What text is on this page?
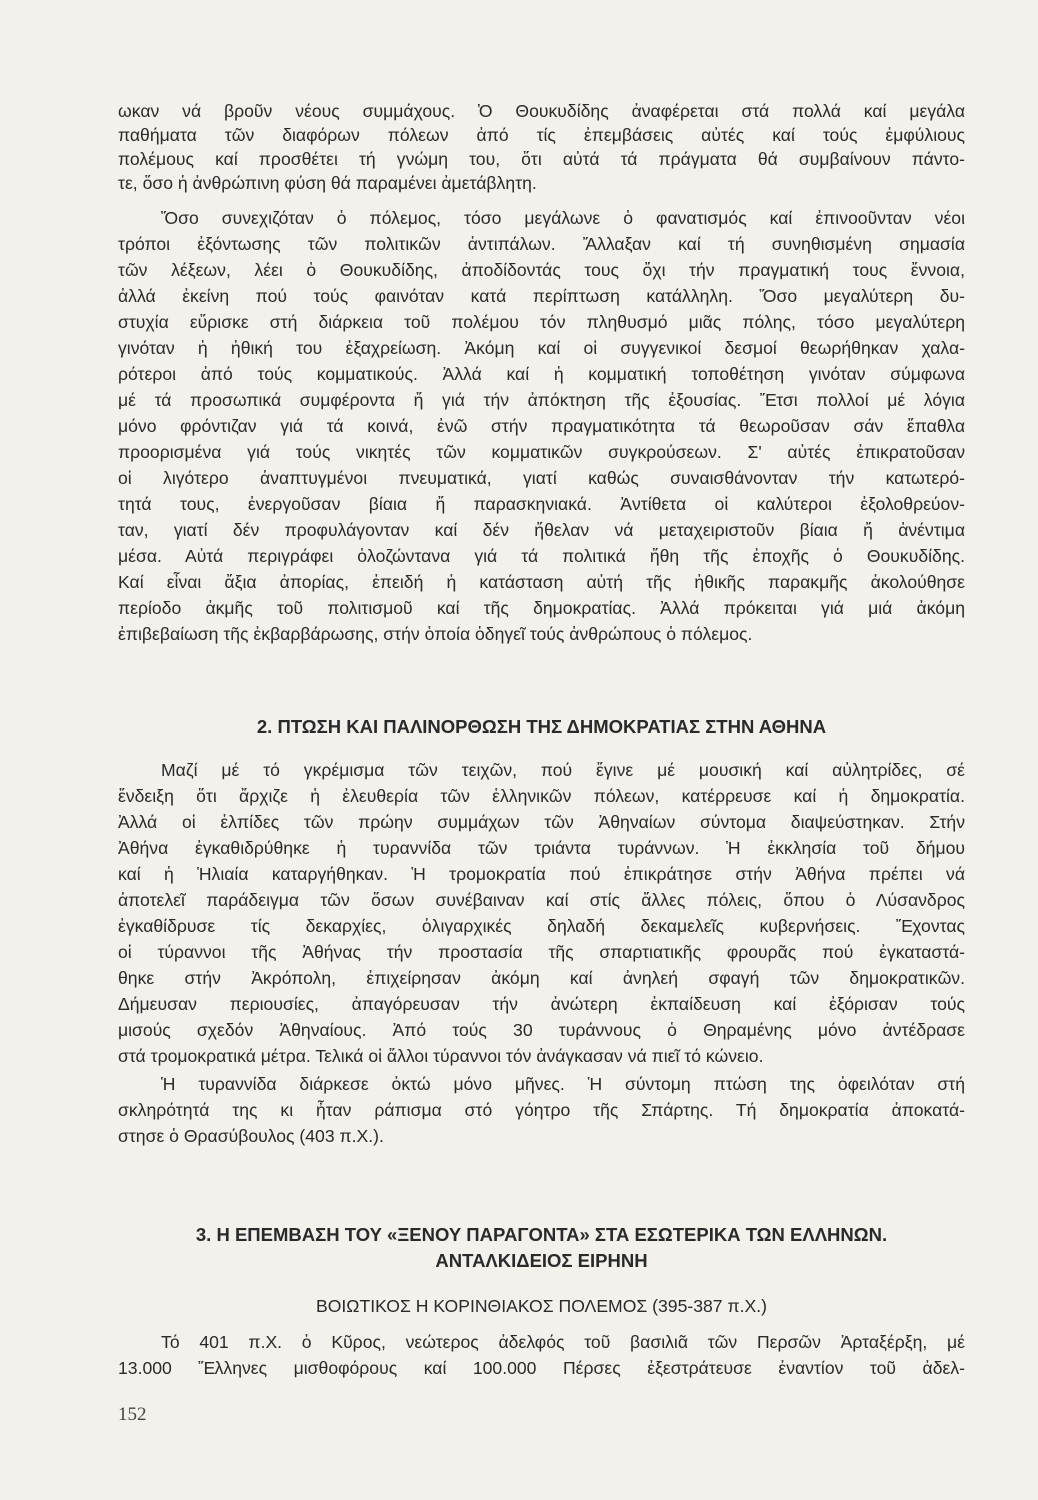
ωκαν νά βροῦν νέους συμμάχους. Ὁ Θουκυδίδης ἀναφέρεται στά πολλά καί μεγάλα
παθήματα τῶν διαφόρων πόλεων ἀπό τίς ἐπεμβάσεις αὐτές καί τούς ἐμφύλιους
πολέμους καί προσθέτει τή γνώμη του, ὅτι αὐτά τά πράγματα θά συμβαίνουν πάντο-
τε, ὅσο ἡ ἀνθρώπινη φύση θά παραμένει ἀμετάβλητη.
Ὅσο συνεχιζόταν ὁ πόλεμος, τόσο μεγάλωνε ὁ φανατισμός καί ἐπινοοῦνταν νέοι
τρόποι ἐξόντωσης τῶν πολιτικῶν ἀντιπάλων. Ἄλλαξαν καί τή συνηθισμένη σημασία
τῶν λέξεων, λέει ὁ Θουκυδίδης, ἀποδίδοντάς τους ὄχι τήν πραγματική τους ἔννοια,
ἀλλά ἐκείνη πού τούς φαινόταν κατά περίπτωση κατάλληλη. Ὅσο μεγαλύτερη δυ-
στυχία εὕρισκε στή διάρκεια τοῦ πολέμου τόν πληθυσμό μιᾶς πόλης, τόσο μεγαλύτερη
γινόταν ἡ ἠθική του ἐξαχρείωση. Ἀκόμη καί οἱ συγγενικοί δεσμοί θεωρήθηκαν χαλα-
ρότεροι ἀπό τούς κομματικούς. Ἀλλά καί ἡ κομματική τοποθέτηση γινόταν σύμφωνα
μέ τά προσωπικά συμφέροντα ἤ γιά τήν ἀπόκτηση τῆς ἐξουσίας. Ἔτσι πολλοί μέ λόγια
μόνο φρόντιζαν γιά τά κοινά, ἐνῶ στήν πραγματικότητα τά θεωροῦσαν σάν ἔπαθλα
προορισμένα γιά τούς νικητές τῶν κομματικῶν συγκρούσεων. Σ' αὐτές ἐπικρατοῦσαν
οἱ λιγότερο ἀναπτυγμένοι πνευματικά, γιατί καθώς συναισθάνονταν τήν κατωτερό-
τητά τους, ἐνεργοῦσαν βίαια ἤ παρασκηνιακά. Ἀντίθετα οἱ καλύτεροι ἐξολοθρεύον-
ταν, γιατί δέν προφυλάγονταν καί δέν ἤθελαν νά μεταχειριστοῦν βίαια ἤ ἀνέντιμα
μέσα. Αὐτά περιγράφει ὁλοζώντανα γιά τά πολιτικά ἤθη τῆς ἐποχῆς ὁ Θουκυδίδης.
Καί εἶναι ἄξια ἀπορίας, ἐπειδή ἡ κατάσταση αὐτή τῆς ἠθικῆς παρακμῆς ἀκολούθησε
περίοδο ἀκμῆς τοῦ πολιτισμοῦ καί τῆς δημοκρατίας. Ἀλλά πρόκειται γιά μιά ἀκόμη
ἐπιβεβαίωση τῆς ἐκβαρβάρωσης, στήν ὁποία ὁδηγεῖ τούς ἀνθρώπους ὁ πόλεμος.
2. ΠΤΩΣΗ ΚΑΙ ΠΑΛΙΝΟΡΘΩΣΗ ΤΗΣ ΔΗΜΟΚΡΑΤΙΑΣ ΣΤΗΝ ΑΘΗΝΑ
Μαζί μέ τό γκρέμισμα τῶν τειχῶν, πού ἔγινε μέ μουσική καί αὐλητρίδες, σέ
ἔνδειξη ὅτι ἄρχιζε ἡ ἐλευθερία τῶν ἑλληνικῶν πόλεων, κατέρρευσε καί ἡ δημοκρατία.
Ἀλλά οἱ ἐλπίδες τῶν πρώην συμμάχων τῶν Ἀθηναίων σύντομα διαψεύστηκαν. Στήν
Ἀθήνα ἐγκαθιδρύθηκε ἡ τυραννίδα τῶν τριάντα τυράννων. Ἡ ἐκκλησία τοῦ δήμου
καί ἡ Ἡλιαία καταργήθηκαν. Ἡ τρομοκρατία πού ἐπικράτησε στήν Ἀθήνα πρέπει νά
ἀποτελεῖ παράδειγμα τῶν ὅσων συνέβαιναν καί στίς ἄλλες πόλεις, ὅπου ὁ Λύσανδρος
ἐγκαθίδρυσε τίς δεκαρχίες, ὀλιγαρχικές δηλαδή δεκαμελεῖς κυβερνήσεις. Ἔχοντας
οἱ τύραννοι τῆς Ἀθήνας τήν προστασία τῆς σπαρτιατικῆς φρουρᾶς πού ἐγκαταστά-
θηκε στήν Ἀκρόπολη, ἐπιχείρησαν ἀκόμη καί ἀνηλεή σφαγή τῶν δημοκρατικῶν.
Δήμευσαν περιουσίες, ἀπαγόρευσαν τήν ἀνώτερη ἐκπαίδευση καί ἐξόρισαν τούς
μισούς σχεδόν Ἀθηναίους. Ἀπό τούς 30 τυράννους ὁ Θηραμένης μόνο ἀντέδρασε
στά τρομοκρατικά μέτρα. Τελικά οἱ ἄλλοι τύραννοι τόν ἀνάγκασαν νά πιεῖ τό κώνειο.
Ἡ τυραννίδα διάρκεσε ὀκτώ μόνο μῆνες. Ἡ σύντομη πτώση της ὀφειλόταν στή
σκληρότητά της κι ἦταν ράπισμα στό γόητρο τῆς Σπάρτης. Τή δημοκρατία ἀποκατά-
στησε ὁ Θρασύβουλος (403 π.Χ.).
3. Η ΕΠΕΜΒΑΣΗ ΤΟΥ «ΞΕΝΟΥ ΠΑΡΑΓΟΝΤΑ» ΣΤΑ ΕΣΩΤΕΡΙΚΑ ΤΩΝ ΕΛΛΗΝΩΝ.
ΑΝΤΑΛΚΙΔΕΙΟΣ ΕΙΡΗΝΗ
ΒΟΙΩΤΙΚΟΣ Η ΚΟΡΙΝΘΙΑΚΟΣ ΠΟΛΕΜΟΣ (395-387 π.Χ.)
Τό 401 π.Χ. ὁ Κῦρος, νεώτερος ἀδελφός τοῦ βασιλιᾶ τῶν Περσῶν Ἀρταξέρξη, μέ
13.000 Ἕλληνες μισθοφόρους καί 100.000 Πέρσες ἐξεστράτευσε ἐναντίον τοῦ ἀδελ-
152
